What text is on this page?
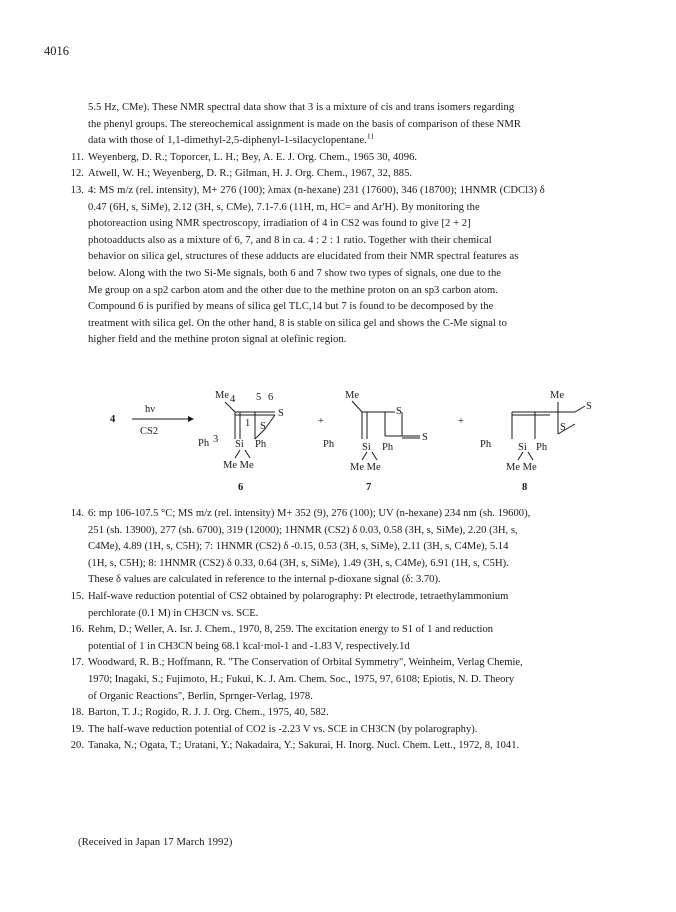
4016
5.5 Hz, CMe). These NMR spectral data show that 3 is a mixture of cis and trans isomers regarding
the phenyl groups. The stereochemical assignment is made on the basis of comparison of these NMR
data with those of 1,1-dimethyl-2,5-diphenyl-1-silacyclopentane.$^{11}$
11. Weyenberg, D. R.; Toporcer, L. H.; Bey, A. E. J. Org. Chem., 1965 30, 4096.
12. Atwell, W. H.; Weyenberg, D. R.; Gilman, H. J. Org. Chem., 1967, 32, 885.
13. 4: MS m/z (rel. intensity), M+ 276 (100); λmax (n-hexane) 231 (17600), 346 (18700); 1HNMR (CDCl3) δ
0.47 (6H, s, SiMe), 2.12 (3H, s, CMe), 7.1-7.6 (11H, m, HC= and Ar'H). By monitoring the
photoreaction using NMR spectroscopy, irradiation of 4 in CS2 was found to give [2 + 2]
photoadducts also as a mixture of 6, 7, and 8 in ca. 4 : 2 : 1 ratio. Together with their chemical
behavior on silica gel, structures of these adducts are elucidated from their NMR spectral features as
below. Along with the two Si-Me signals, both 6 and 7 show two types of signals, one due to the
Me group on a sp2 carbon atom and the other due to the methine proton on an sp3 carbon atom.
Compound 6 is purified by means of silica gel TLC,14 but 7 is found to be decomposed by the
treatment with silica gel. On the other hand, 8 is stable on silica gel and shows the C-Me signal to
higher field and the methine proton signal at olefinic region.
4
hν
CS2
Me 4 5 6
S
S
1
Ph 3 Si Ph
Me Me
6
+
Me
S
S
Ph	Si Ph
Me Me
7
+
Me
S
S
Ph	Si Ph
Me Me
8
14. 6: mp 106-107.5 °C; MS m/z (rel. intensity) M+ 352 (9), 276 (100); UV (n-hexane) 234 nm (sh. 19600),
251 (sh. 13900), 277 (sh. 6700), 319 (12000); 1HNMR (CS2) δ 0.03, 0.58 (3H, s, SiMe), 2.20 (3H, s,
C4Me), 4.89 (1H, s, C5H); 7: 1HNMR (CS2) δ -0.15, 0.53 (3H, s, SiMe), 2.11 (3H, s, C4Me), 5.14
(1H, s, C5H); 8: 1HNMR (CS2) δ 0.33, 0.64 (3H, s, SiMe), 1.49 (3H, s, C4Me), 6.91 (1H, s, C5H).
These δ values are calculated in reference to the internal p-dioxane signal (δ: 3.70).
15. Half-wave reduction potential of CS2 obtained by polarography: Pt electrode, tetraethylammonium
perchlorate (0.1 M) in CH3CN vs. SCE.
16. Rehm, D.; Weller, A. Isr. J. Chem., 1970, 8, 259. The excitation energy to S1 of 1 and reduction
potential of 1 in CH3CN being 68.1 kcal·mol-1 and -1.83 V, respectively.1d
17. Woodward, R. B.; Hoffmann, R. "The Conservation of Orbital Symmetry", Weinheim, Verlag Chemie,
1970; Inagaki, S.; Fujimoto, H.; Fukui, K. J. Am. Chem. Soc., 1975, 97, 6108; Epiotis, N. D. Theory
of Organic Reactions", Berlin, Sprnger-Verlag, 1978.
18. Barton, T. J.; Rogido, R. J. J. Org. Chem., 1975, 40, 582.
19. The half-wave reduction potential of CO2 is -2.23 V vs. SCE in CH3CN (by polarography).
20. Tanaka, N.; Ogata, T.; Uratani, Y.; Nakadaira, Y.; Sakurai, H. Inorg. Nucl. Chem. Lett., 1972, 8, 1041.
(Received in Japan 17 March 1992)
